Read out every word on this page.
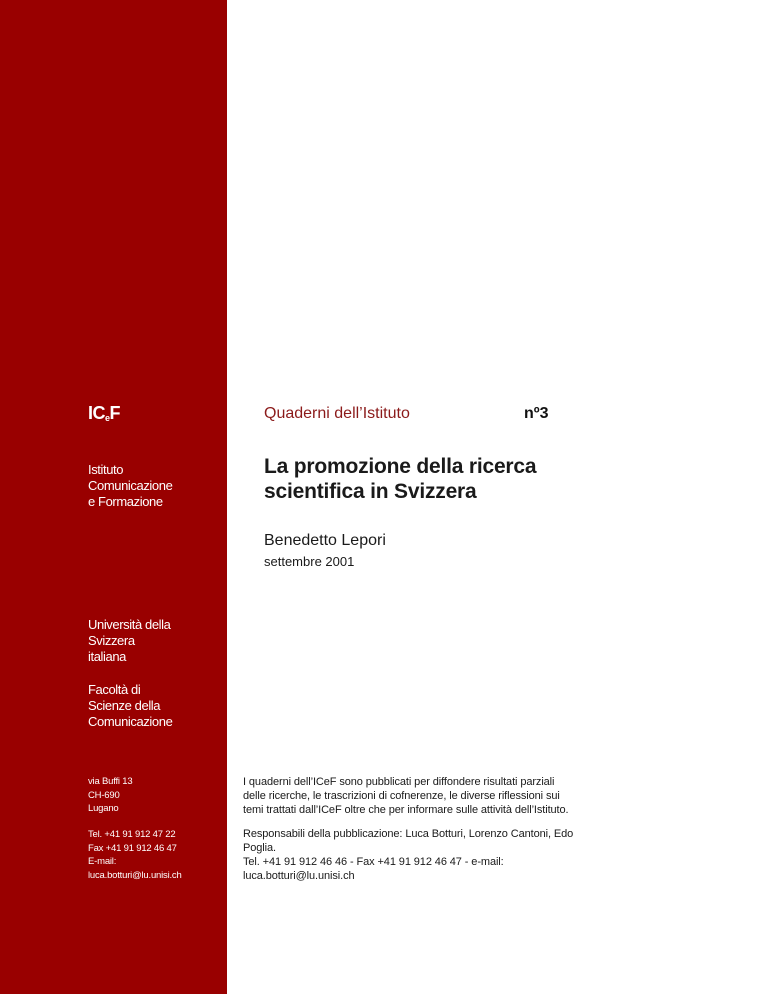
$IC_eF$
Istituto
Comunicazione
e Formazione
Università della
Svizzera
italiana
Facoltà di
Scienze della
Comunicazione
via Buffi 13
CH-690
Lugano
Tel. +41 91 912 47 22
Fax +41 91 912 46 47
E-mail:
luca.botturi@lu.unisi.ch
Quaderni dell’Istituto	nº3
La promozione della ricerca
scientifica in Svizzera
Benedetto Lepori
settembre 2001
I quaderni dell’ICeF sono pubblicati per diffondere risultati parziali
delle ricerche, le trascrizioni di cofnerenze, le diverse riflessioni sui
temi trattati dall’ICeF oltre che per informare sulle attività dell’Istituto.
Responsabili della pubblicazione: Luca Botturi, Lorenzo Cantoni, Edo
Poglia.
Tel. +41 91 912 46 46 - Fax +41 91 912 46 47 - e-mail:
luca.botturi@lu.unisi.ch
